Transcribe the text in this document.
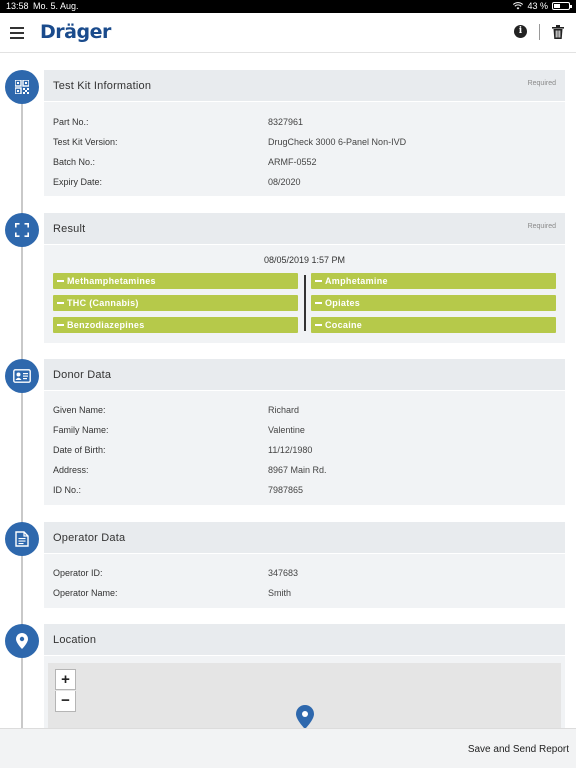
13:58 Mo. 5. Aug.	43 %
Dräger	i
Test Kit Information	Required
Part No.:	8327961
Test Kit Version:	DrugCheck 3000 6-Panel Non-IVD
Batch No.:	ARMF-0552
Expiry Date:	08/2020
Result	Required
08/05/2019 1:57 PM
Methamphetamines
THC (Cannabis)
Benzodiazepines
Amphetamine
Opiates
Cocaine
Donor Data
Given Name:	Richard
Family Name:	Valentine
Date of Birth:	11/12/1980
Address:	8967 Main Rd.
ID No.:	7987865
Operator Data
Operator ID:	347683
Operator Name:	Smith
Location
+
−
Save and Send Report
